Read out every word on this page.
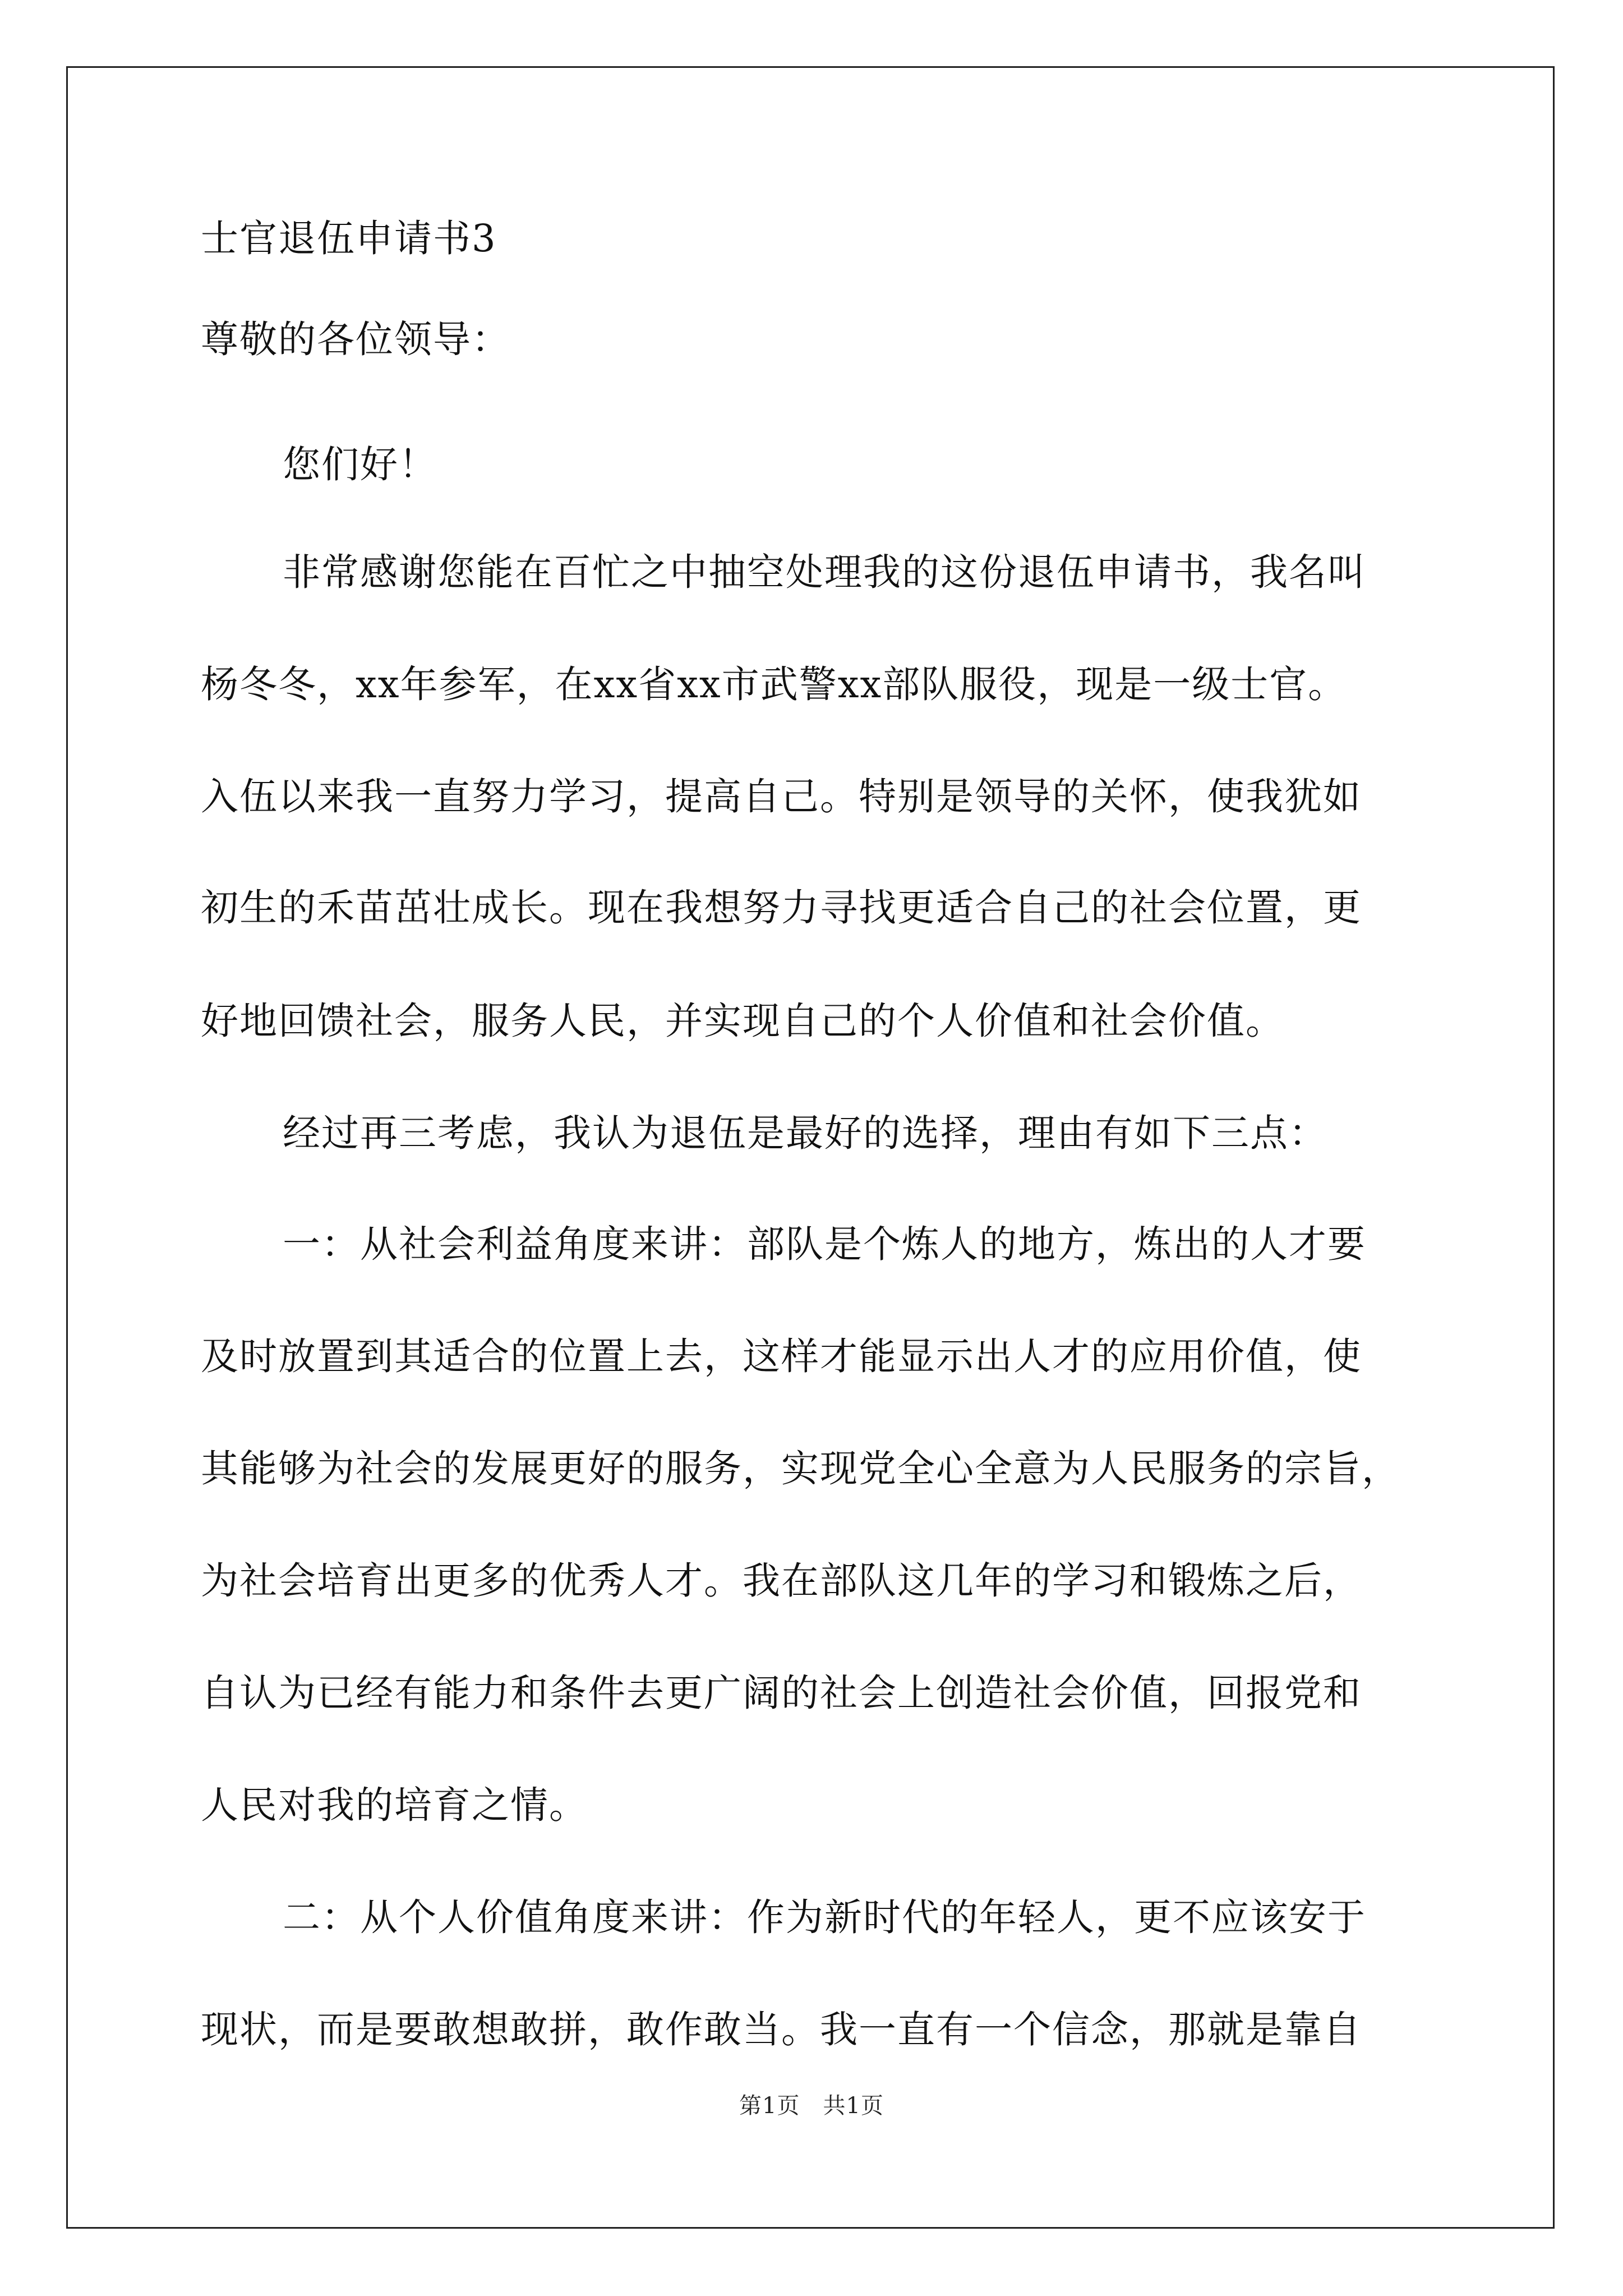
士官退伍申请书3
尊敬的各位领导：
您们好！
非常感谢您能在百忙之中抽空处理我的这份退伍申请书，我名叫
杨冬冬，xx年参军，在xx省xx市武警xx部队服役，现是一级士官。
入伍以来我一直努力学习，提高自己。特别是领导的关怀，使我犹如
初生的禾苗茁壮成长。现在我想努力寻找更适合自己的社会位置，更
好地回馈社会，服务人民，并实现自己的个人价值和社会价值。
经过再三考虑，我认为退伍是最好的选择，理由有如下三点：
一：从社会利益角度来讲：部队是个炼人的地方，炼出的人才要
及时放置到其适合的位置上去，这样才能显示出人才的应用价值，使
其能够为社会的发展更好的服务，实现党全心全意为人民服务的宗旨，
为社会培育出更多的优秀人才。我在部队这几年的学习和锻炼之后，
自认为已经有能力和条件去更广阔的社会上创造社会价值，回报党和
人民对我的培育之情。
二：从个人价值角度来讲：作为新时代的年轻人，更不应该安于
现状，而是要敢想敢拼，敢作敢当。我一直有一个信念，那就是靠自
第1页　共1页
